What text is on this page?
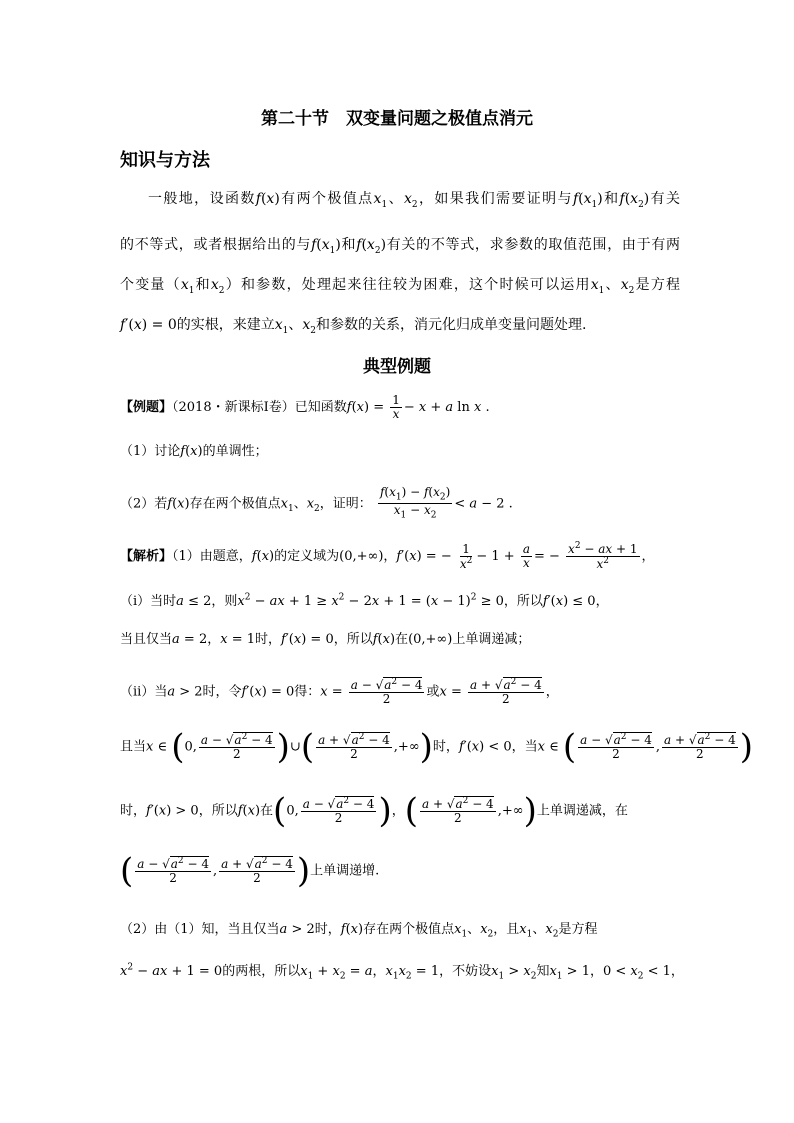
第二十节　双变量问题之极值点消元
知识与方法
一般地，设函数f(x)有两个极值点$x_1$、$x_2$，如果我们需要证明与$f(x_1)$和$f(x_2)$有关
的不等式，或者根据给出的与$f(x_1)$和$f(x_2)$有关的不等式，求参数的取值范围，由于有两
个变量（$x_1$和$x_2$）和参数，处理起来往往较为困难，这个时候可以运用$x_1$、$x_2$是方程
f′(x) = 0的实根，来建立$x_1$、$x_2$和参数的关系，消元化归成单变量问题处理.
典型例题
【例题】（2018・新课标Ⅰ卷）已知函数$f(x) = \frac{1}{x} - x + a$ ln x .
（1）讨论f(x)的单调性；
（2）若f(x)存在两个极值点$x_1$、$x_2$，证明： $\frac{f(x_1) - f(x_2)}{x_1 - x_2} < a - 2$ .
【解析】（1）由题意，f(x)的定义域为(0,+∞)，f′(x) = − $\frac{1}{x^2} - 1 + \frac{a}{x}$ = − $\frac{x^2 - ax + 1}{x^2}$ ，
（i）当时a ≤ 2，则$x^2$ − ax + $1 \ge x^2 - 2x + 1 = (x - 1)^2 \ge 0$，所以f′(x) ≤ 0，
当且仅当a = 2，x = 1时，f′(x) = 0，所以f(x)在(0,+∞)上单调递减；
（ii）当a > 2时，令f′(x) = 0得：$x = \frac{a - √a^2 - 4}{2}$ 或$x = \frac{a + √a^2 - 4}{2}$ ，
且当x ∈ (0, $\frac{a - √a^2 - 4}{2}$ )∪( $\frac{a + √a^2 - 4}{2}$ ,+∞)时，f′(x) < 0，当x ∈ ( $\frac{a - √a^2 - 4}{2}$ , $\frac{a + √a^2 - 4}{2}$ )
时，f′(x) > 0，所以f(x)在(0, $\frac{a - √a^2 - 4}{2}$ )，( $\frac{a + √a^2 - 4}{2}$ ,+∞)上单调递减，在
( $\frac{a - √a^2 - 4}{2}$ , $\frac{a + √a^2 - 4}{2}$ )上单调递增.
（2）由（1）知，当且仅当a > 2时，f(x)存在两个极值点$x_1$、$x_2$，且$x_1$、$x_2$是方程
$x^2$ − ax + 1 = 0的两根，所以$x_1 + x_2 = a$，$x_1x_2 = 1$，不妨设$x_1 > x_2$知$x_1 > 1$，$0 < x_2 < 1$，
